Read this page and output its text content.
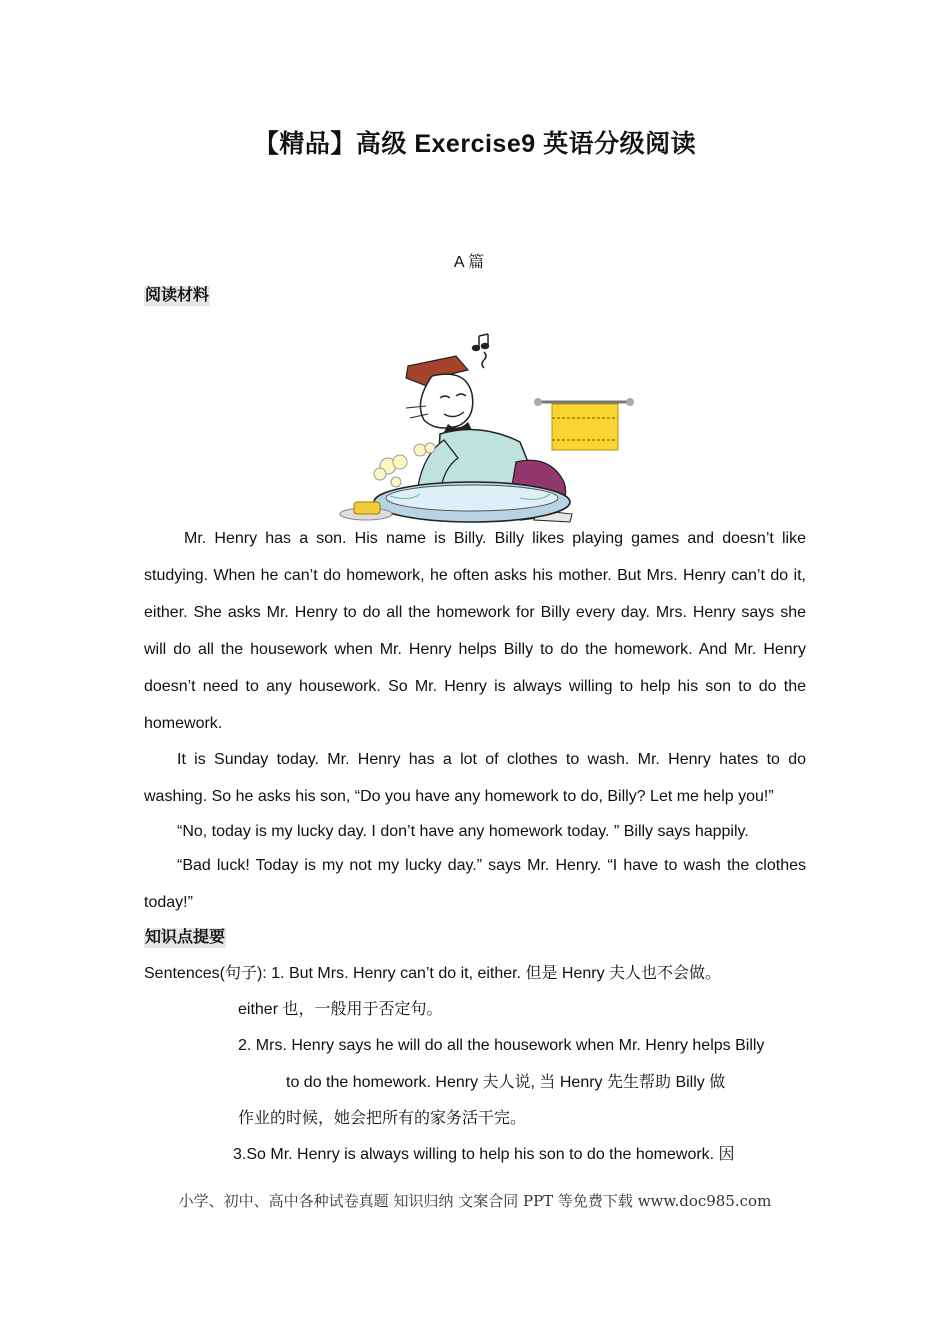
【精品】高级 Exercise9 英语分级阅读
A 篇
阅读材料

Mr. Henry has a son. His name is Billy. Billy likes playing games and doesn’t like studying. When he can’t do homework, he often asks his mother. But Mrs. Henry can’t do it, either. She asks Mr. Henry to do all the homework for Billy every day. Mrs. Henry says she will do all the housework when Mr. Henry helps Billy to do the homework. And Mr. Henry doesn’t need to any housework. So Mr. Henry is always willing to help his son to do the homework.

It is Sunday today. Mr. Henry has a lot of clothes to wash. Mr. Henry hates to do washing. So he asks his son, “Do you have any homework to do, Billy? Let me help you!”

“No, today is my lucky day. I don’t have any homework today. ” Billy says happily.

“Bad luck! Today is my not my lucky day.” says Mr. Henry. “I have to wash the clothes today!”

知识点提要
Sentences(句子): 1. But Mrs. Henry can’t do it, either. 但是 Henry 夫人也不会做。
either 也，一般用于否定句。
2. Mrs. Henry says he will do all the housework when Mr. Henry helps Billy
to do the homework. Henry 夫人说, 当 Henry 先生帮助 Billy 做
作业的时候，她会把所有的家务活干完。
3.So Mr. Henry is always willing to help his son to do the homework. 因
小学、初中、高中各种试卷真题 知识归纳 文案合同 PPT 等免费下载 www.doc985.com
